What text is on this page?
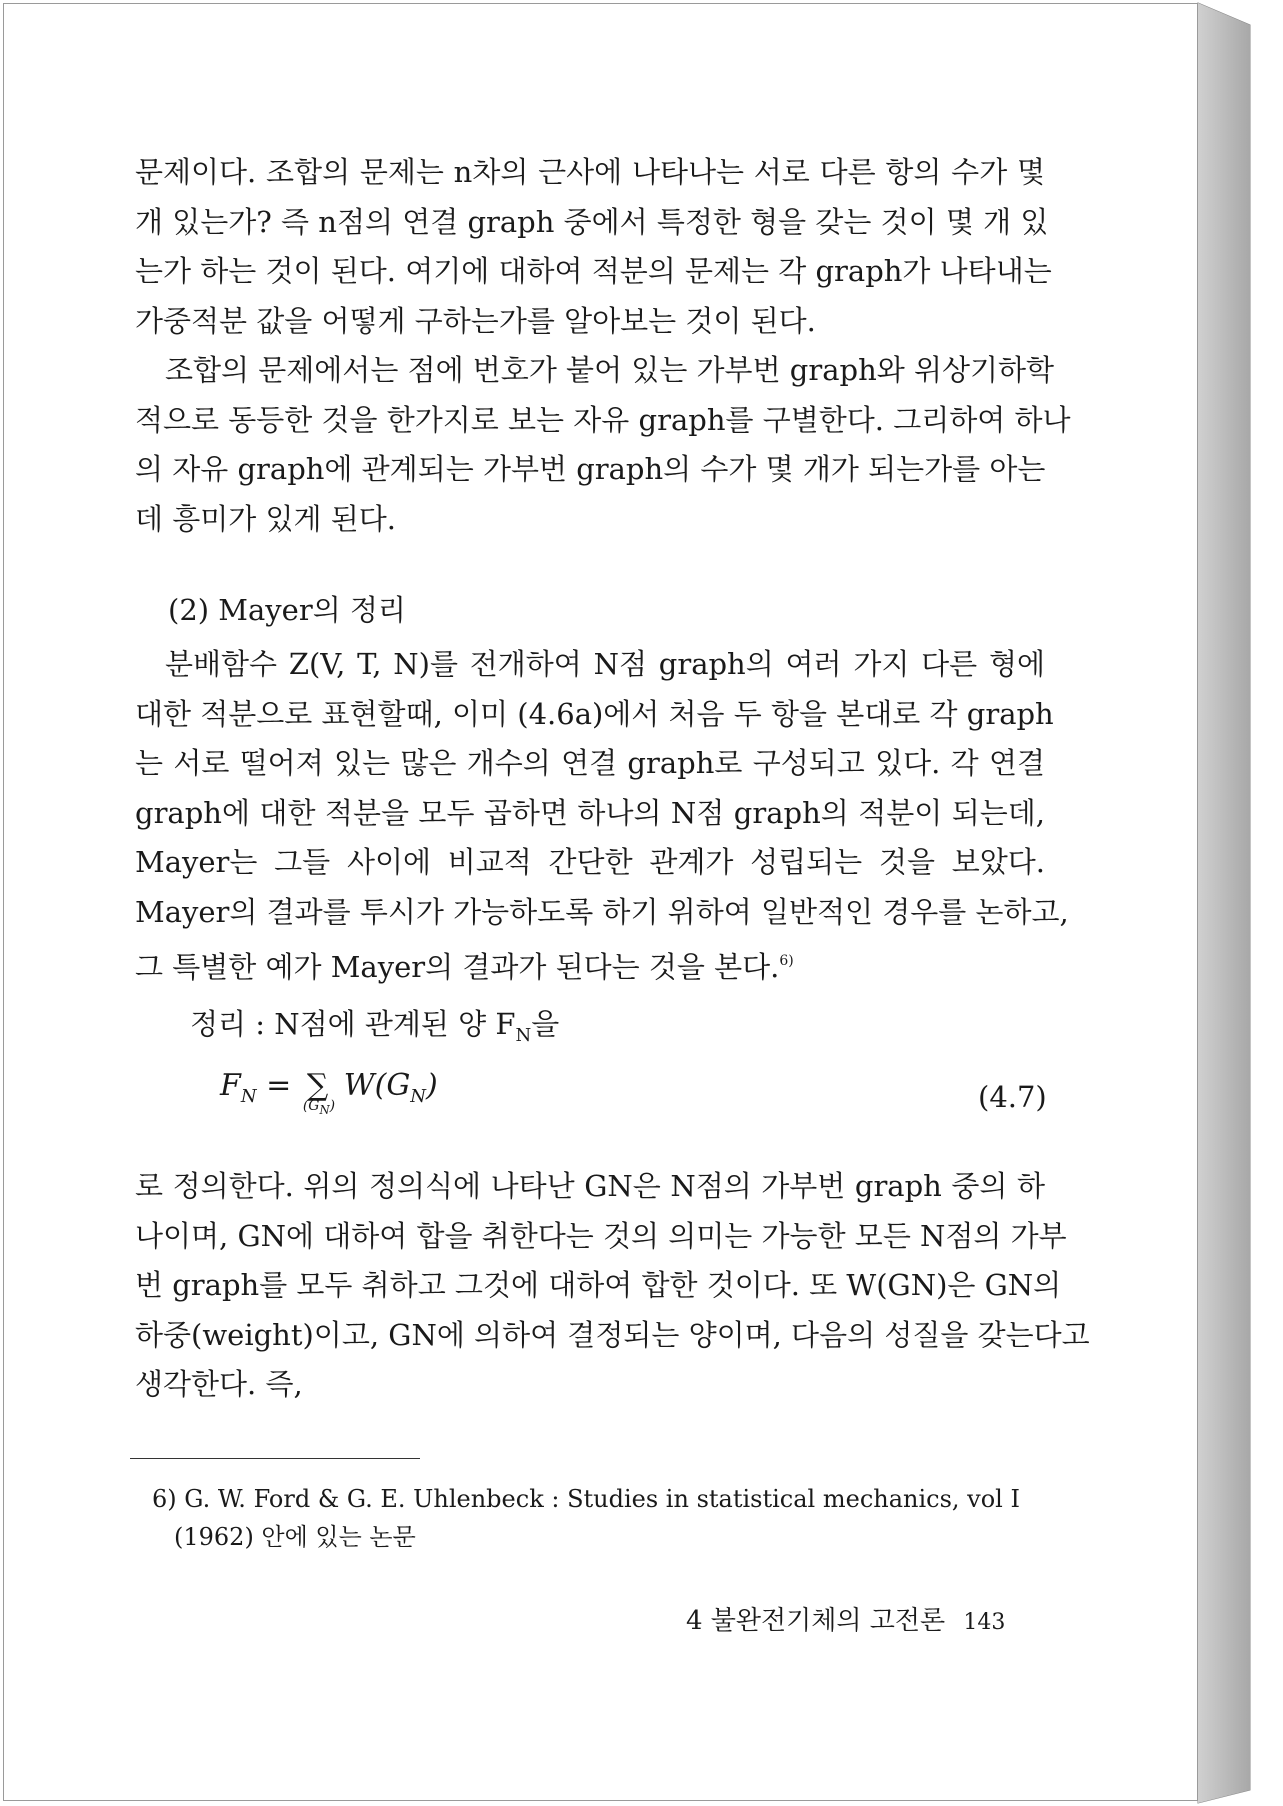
문제이다. 조합의 문제는 n차의 근사에 나타나는 서로 다른 항의 수가 몇
개 있는가? 즉 n점의 연결 graph 중에서 특정한 형을 갖는 것이 몇 개 있
는가 하는 것이 된다. 여기에 대하여 적분의 문제는 각 graph가 나타내는
가중적분 값을 어떻게 구하는가를 알아보는 것이 된다.
조합의 문제에서는 점에 번호가 붙어 있는 가부번 graph와 위상기하학
적으로 동등한 것을 한가지로 보는 자유 graph를 구별한다. 그리하여 하나
의 자유 graph에 관계되는 가부번 graph의 수가 몇 개가 되는가를 아는
데 흥미가 있게 된다.
(2) Mayer의 정리
분배함수 Z(V, T, N)를 전개하여 N점 graph의 여러 가지 다른 형에
대한 적분으로 표현할때, 이미 (4.6a)에서 처음 두 항을 본대로 각 graph
는 서로 떨어져 있는 많은 개수의 연결 graph로 구성되고 있다. 각 연결
graph에 대한 적분을 모두 곱하면 하나의 N점 graph의 적분이 되는데,
Mayer는 그들 사이에 비교적 간단한 관계가 성립되는 것을 보았다.
Mayer의 결과를 투시가 가능하도록 하기 위하여 일반적인 경우를 논하고,
그 특별한 예가 Mayer의 결과가 된다는 것을 본다.$^{6)}$
정리 : N점에 관계된 양 $F_N$을
$F_N$ = ∑
$(G_N)$
$W(G_N)$	(4.7)
로 정의한다. 위의 정의식에 나타난 GN은 N점의 가부번 graph 중의 하
나이며, GN에 대하여 합을 취한다는 것의 의미는 가능한 모든 N점의 가부
번 graph를 모두 취하고 그것에 대하여 합한 것이다. 또 W(GN)은 GN의
하중(weight)이고, GN에 의하여 결정되는 양이며, 다음의 성질을 갖는다고
생각한다. 즉,
6) G. W. Ford & G. E. Uhlenbeck : Studies in statistical mechanics, vol Ⅰ
(1962) 안에 있는 논문
4 불완전기체의 고전론 143
